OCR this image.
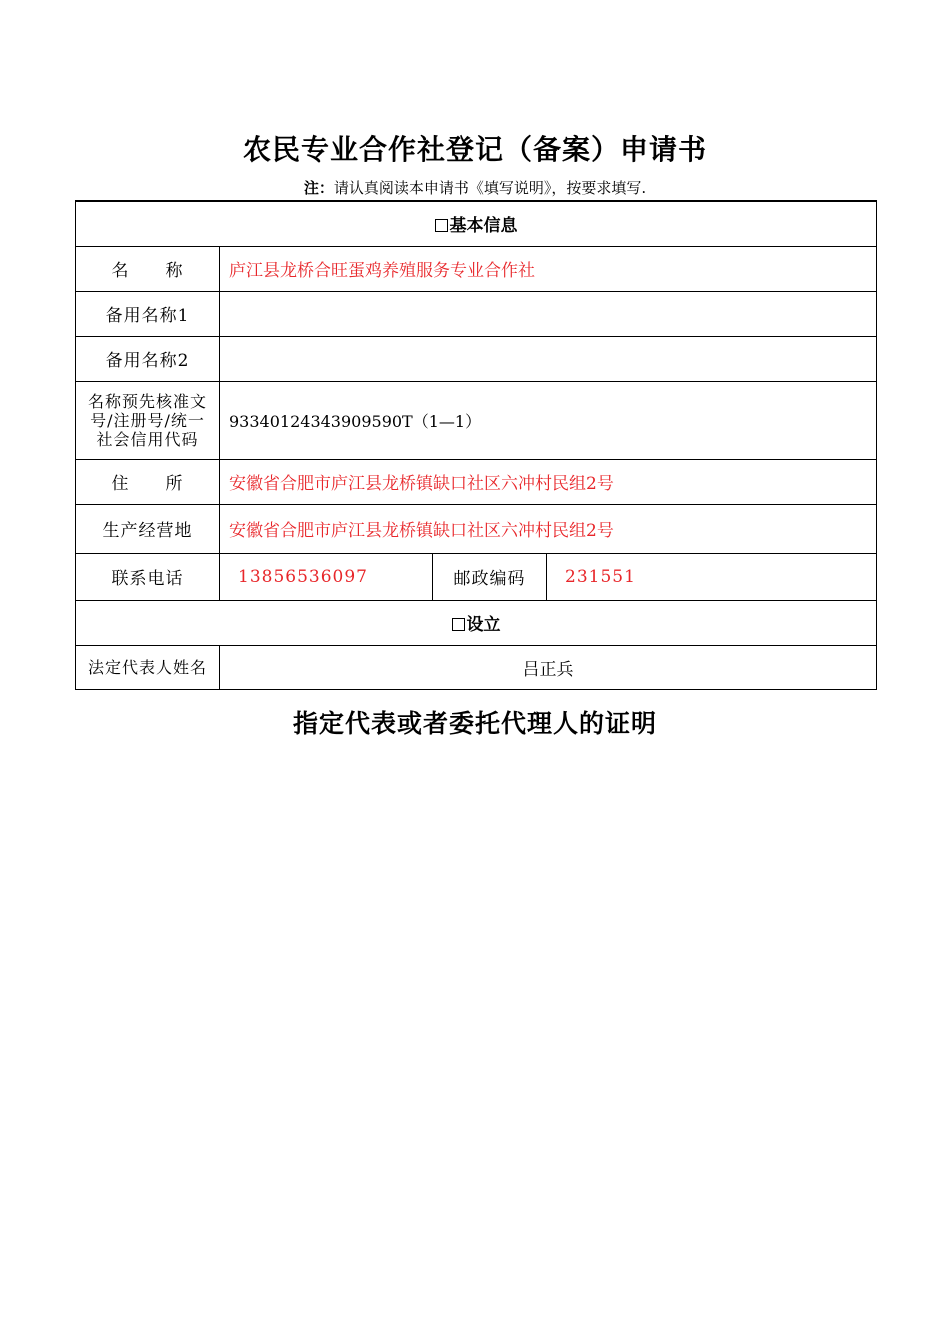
农民专业合作社登记（备案）申请书
注：请认真阅读本申请书《填写说明》，按要求填写.
基本信息			
名　　称	庐江县龙桥合旺蛋鸡养殖服务专业合作社		
备用名称1			
备用名称2			
名称预先核准文号/注册号/统一社会信用代码	93340124343909590T（1—1）		
住　　所	安徽省合肥市庐江县龙桥镇缺口社区六冲村民组2号		
生产经营地	安徽省合肥市庐江县龙桥镇缺口社区六冲村民组2号		
联系电话	13856536097	邮政编码	231551
设立			
法定代表人姓名	吕正兵		
指定代表或者委托代理人的证明
